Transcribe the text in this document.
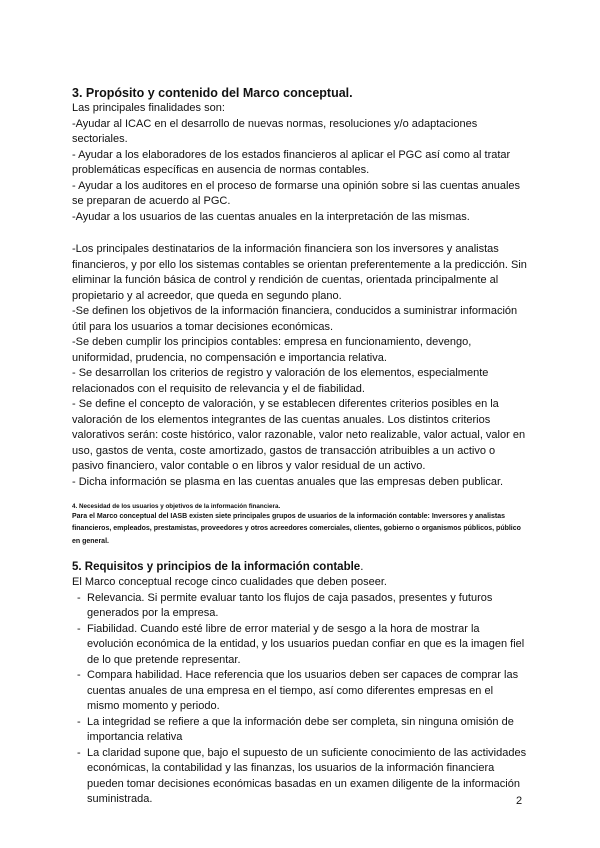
3. Propósito y contenido del Marco conceptual.

Las principales finalidades son:

-Ayudar al ICAC en el desarrollo de nuevas normas, resoluciones y/o adaptaciones sectoriales.

- Ayudar a los elaboradores de los estados financieros al aplicar el PGC así como al tratar problemáticas específicas en ausencia de normas contables.

- Ayudar a los auditores en el proceso de formarse una opinión sobre si las cuentas anuales se preparan de acuerdo al PGC.

-Ayudar a los usuarios de las cuentas anuales en la interpretación de las mismas.

-Los principales destinatarios de la información financiera son los inversores y analistas financieros, y por ello los sistemas contables se orientan preferentemente a la predicción. Sin eliminar la función básica de control y rendición de cuentas, orientada principalmente al propietario y al acreedor, que queda en segundo plano.

-Se definen los objetivos de la información financiera, conducidos a suministrar información útil para los usuarios a tomar decisiones económicas.

-Se deben cumplir los principios contables: empresa en funcionamiento, devengo, uniformidad, prudencia, no compensación e importancia relativa.

- Se desarrollan los criterios de registro y valoración de los elementos, especialmente relacionados con el requisito de relevancia y el de fiabilidad.

- Se define el concepto de valoración, y se establecen diferentes criterios posibles en la valoración de los elementos integrantes de las cuentas anuales. Los distintos criterios valorativos serán: coste histórico, valor razonable, valor neto realizable, valor actual, valor en uso, gastos de venta, coste amortizado, gastos de transacción atribuibles a un activo o pasivo financiero, valor contable o en libros y valor residual de un activo.

- Dicha información se plasma en las cuentas anuales que las empresas deben publicar.

4. Necesidad de los usuarios y objetivos de la información financiera.

Para el Marco conceptual del IASB existen siete principales grupos de usuarios de la información contable: Inversores y analistas financieros, empleados, prestamistas, proveedores y otros acreedores comerciales, clientes, gobierno o organismos públicos, público en general.

5. Requisitos y principios de la información contable.

El Marco conceptual recoge cinco cualidades que deben poseer.

- Relevancia. Si permite evaluar tanto los flujos de caja pasados, presentes y futuros generados por la empresa.
- Fiabilidad. Cuando esté libre de error material y de sesgo a la hora de mostrar la evolución económica de la entidad, y los usuarios puedan confiar en que es la imagen fiel de lo que pretende representar.
- Compara habilidad. Hace referencia que los usuarios deben ser capaces de comprar las cuentas anuales de una empresa en el tiempo, así como diferentes empresas en el mismo momento y periodo.
- La integridad se refiere a que la información debe ser completa, sin ninguna omisión de importancia relativa
- La claridad supone que, bajo el supuesto de un suficiente conocimiento de las actividades económicas, la contabilidad y las finanzas, los usuarios de la información financiera pueden tomar decisiones económicas basadas en un examen diligente de la información suministrada.	2
